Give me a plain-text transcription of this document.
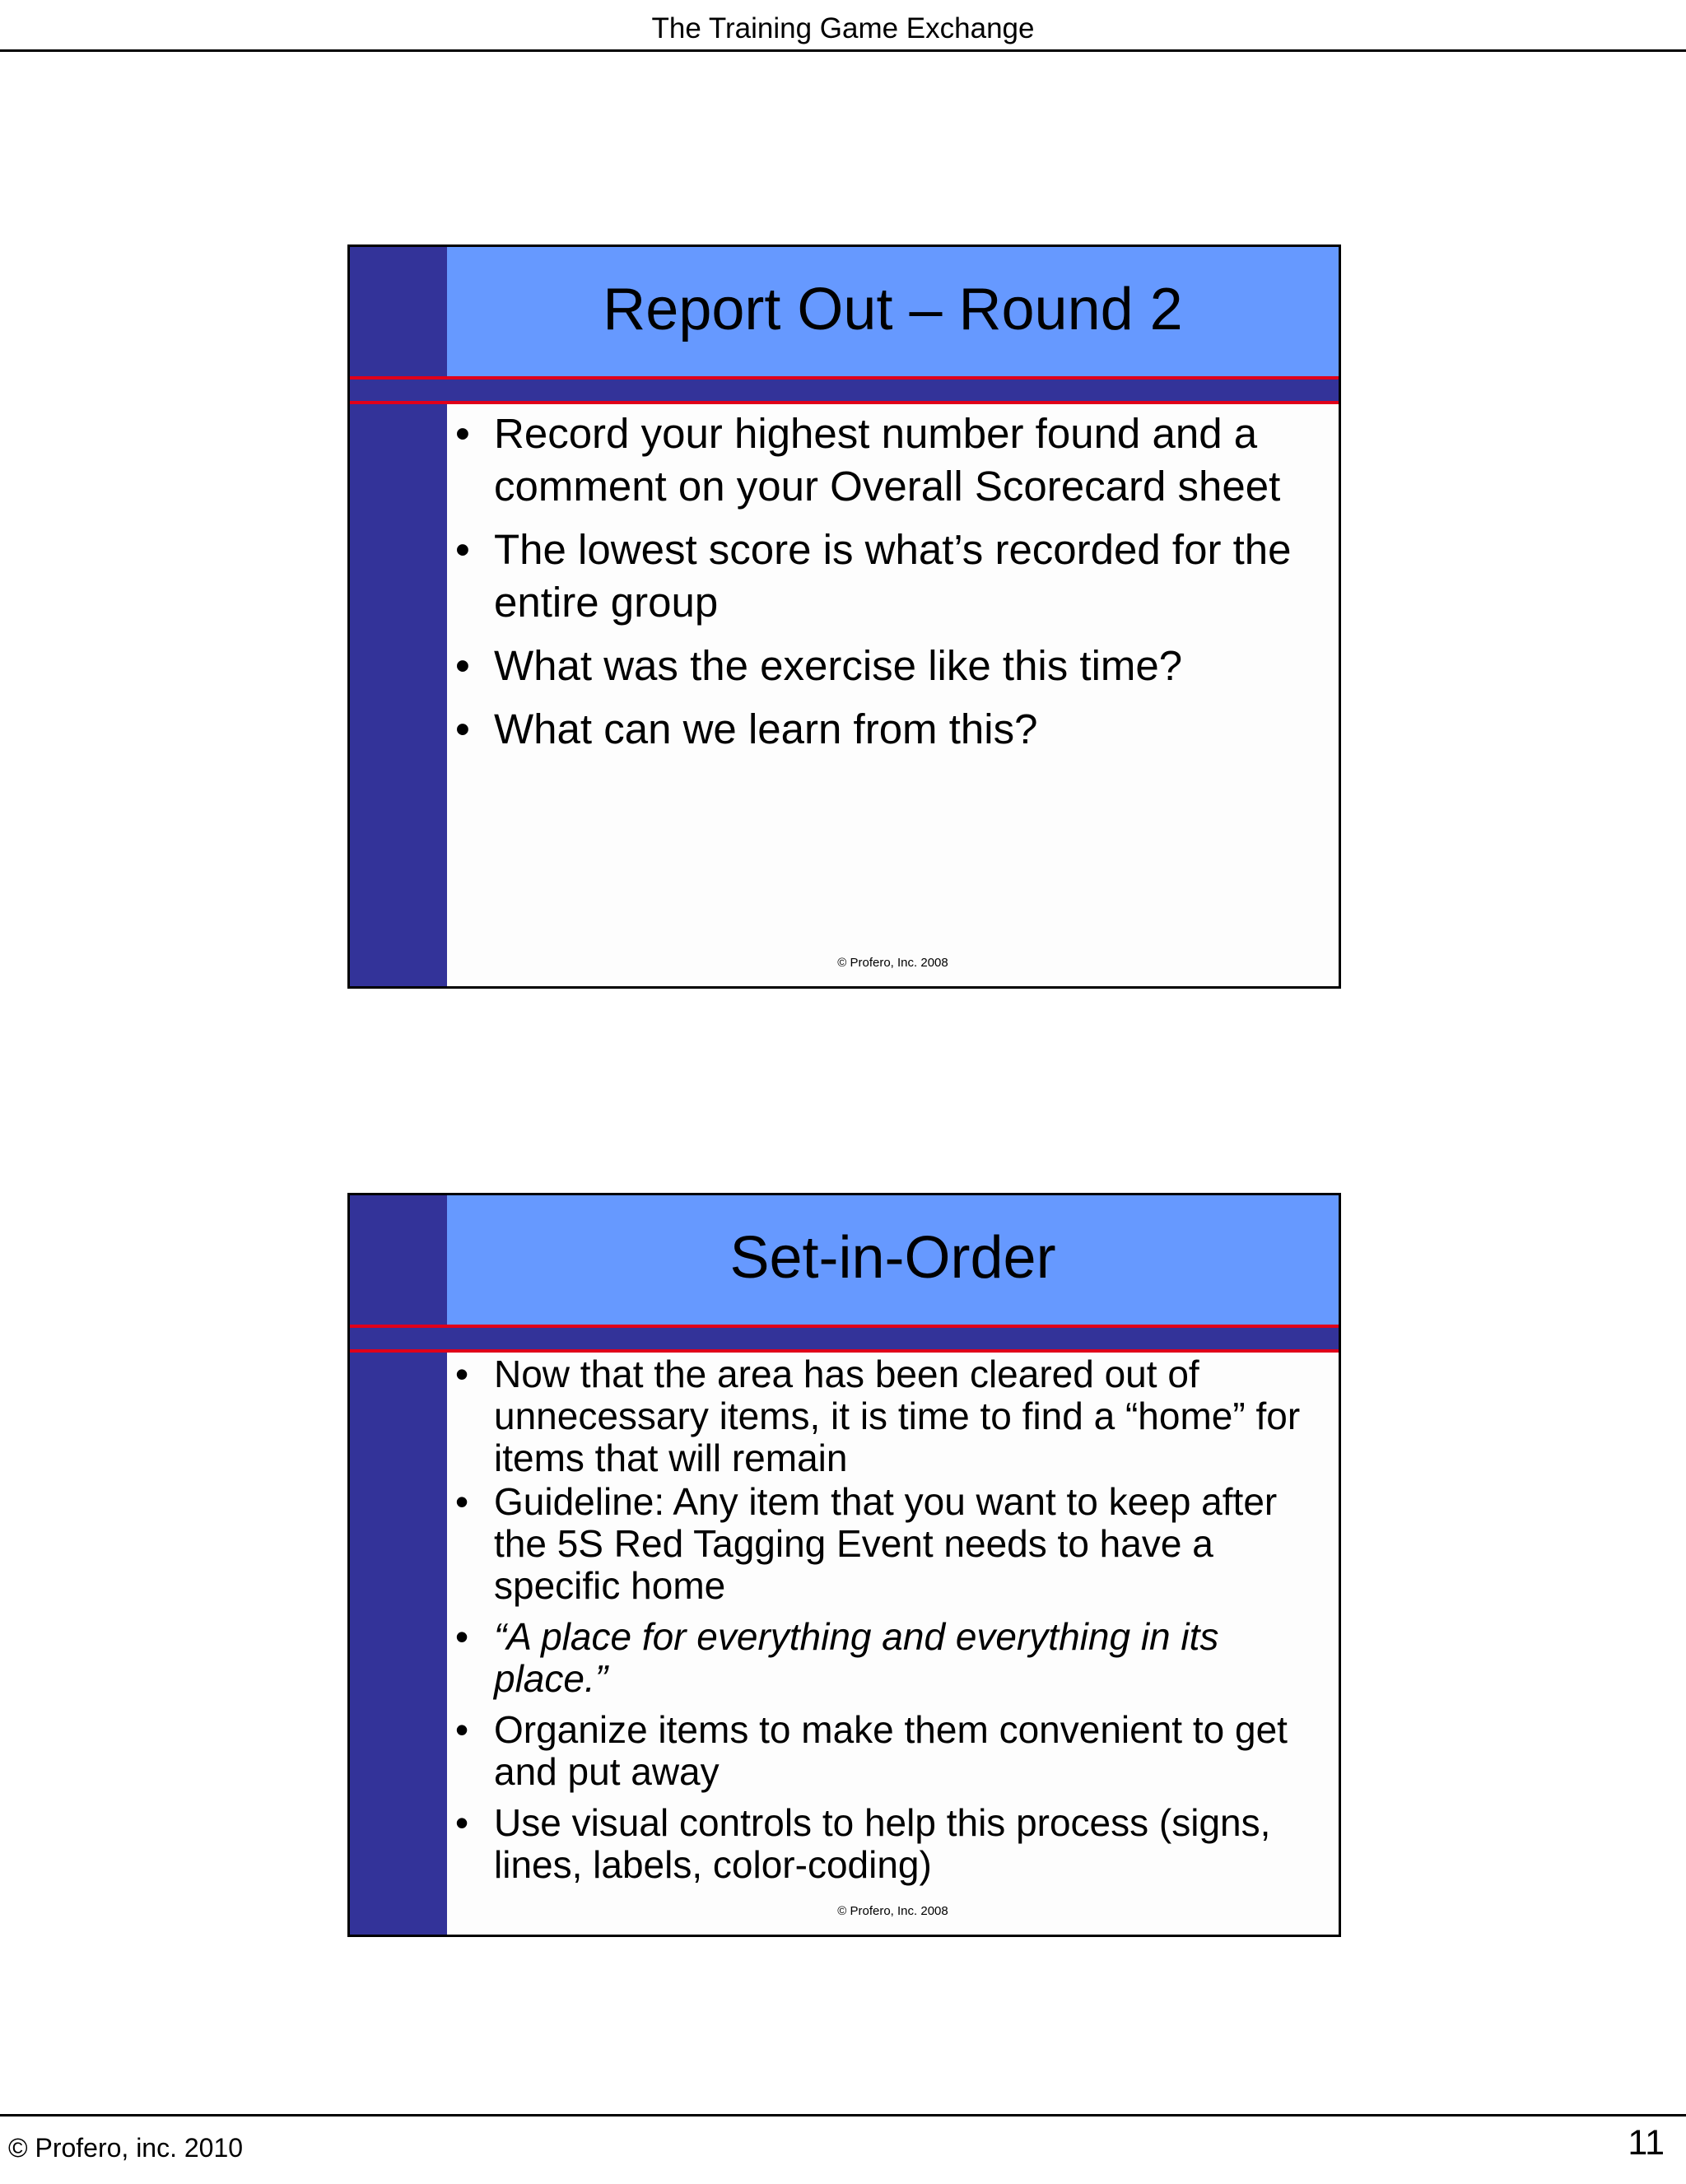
The Training Game Exchange
Report Out – Round 2
• Record your highest number found and a comment on your Overall Scorecard sheet
• The lowest score is what’s recorded for the entire group
• What was the exercise like this time?
• What can we learn from this?
© Profero, Inc. 2008
Set-in-Order
• Now that the area has been cleared out of unnecessary items, it is time to find a “home” for items that will remain
• Guideline: Any item that you want to keep after the 5S Red Tagging Event needs to have a specific home
• “A place for everything and everything in its place.”
• Organize items to make them convenient to get and put away
• Use visual controls to help this process (signs, lines, labels, color-coding)
© Profero, Inc. 2008
© Profero, inc. 2010	11
